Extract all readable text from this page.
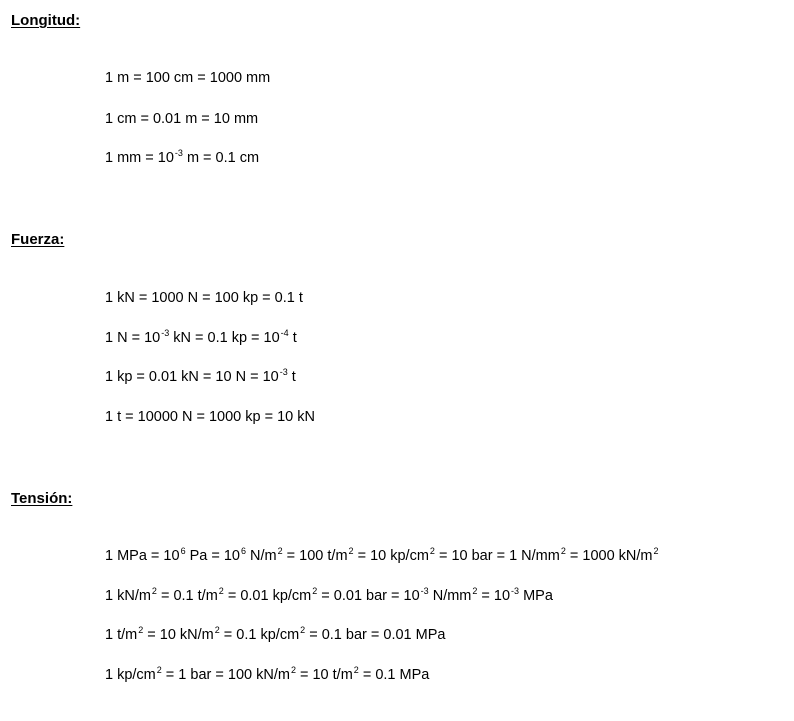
Longitud:

1 m = 100 cm = 1000 mm

1 cm = 0.01 m = 10 mm

1 mm = $10^{-3}$ m = 0.1 cm

Fuerza:

1 kN = 1000 N = 100 kp = 0.1 t

1 $N = 10^{-3}$ kN = 0.1 kp = $10^{-4}$ t

1 kp = 0.01 kN = 10 $N = 10^{-3}$ t

1 t = 10000 N = 1000 kp = 10 kN

Tensión:

1 MPa = $10^6$ $Pa = 10^6$ $N/m^2 = 100$ $t/m^2 = 10$ $kp/cm^2 = 10$ bar = 1 $N/mm^2 = 1000$ $kN/m^2$

1 $kN/m^2 = 0.1$ $t/m^2 = 0.01$ $kp/cm^2 = 0.01$ bar = $10^{-3}$ $N/mm^2 = 10^{-3}$ MPa

1 $t/m^2 = 10$ $kN/m^2 = 0.1$ $kp/cm^2 = 0.1$ bar = 0.01 MPa

1 $kp/cm^2 = 1$ bar = 100 $kN/m^2 = 10$ $t/m^2 = 0.1$ MPa
